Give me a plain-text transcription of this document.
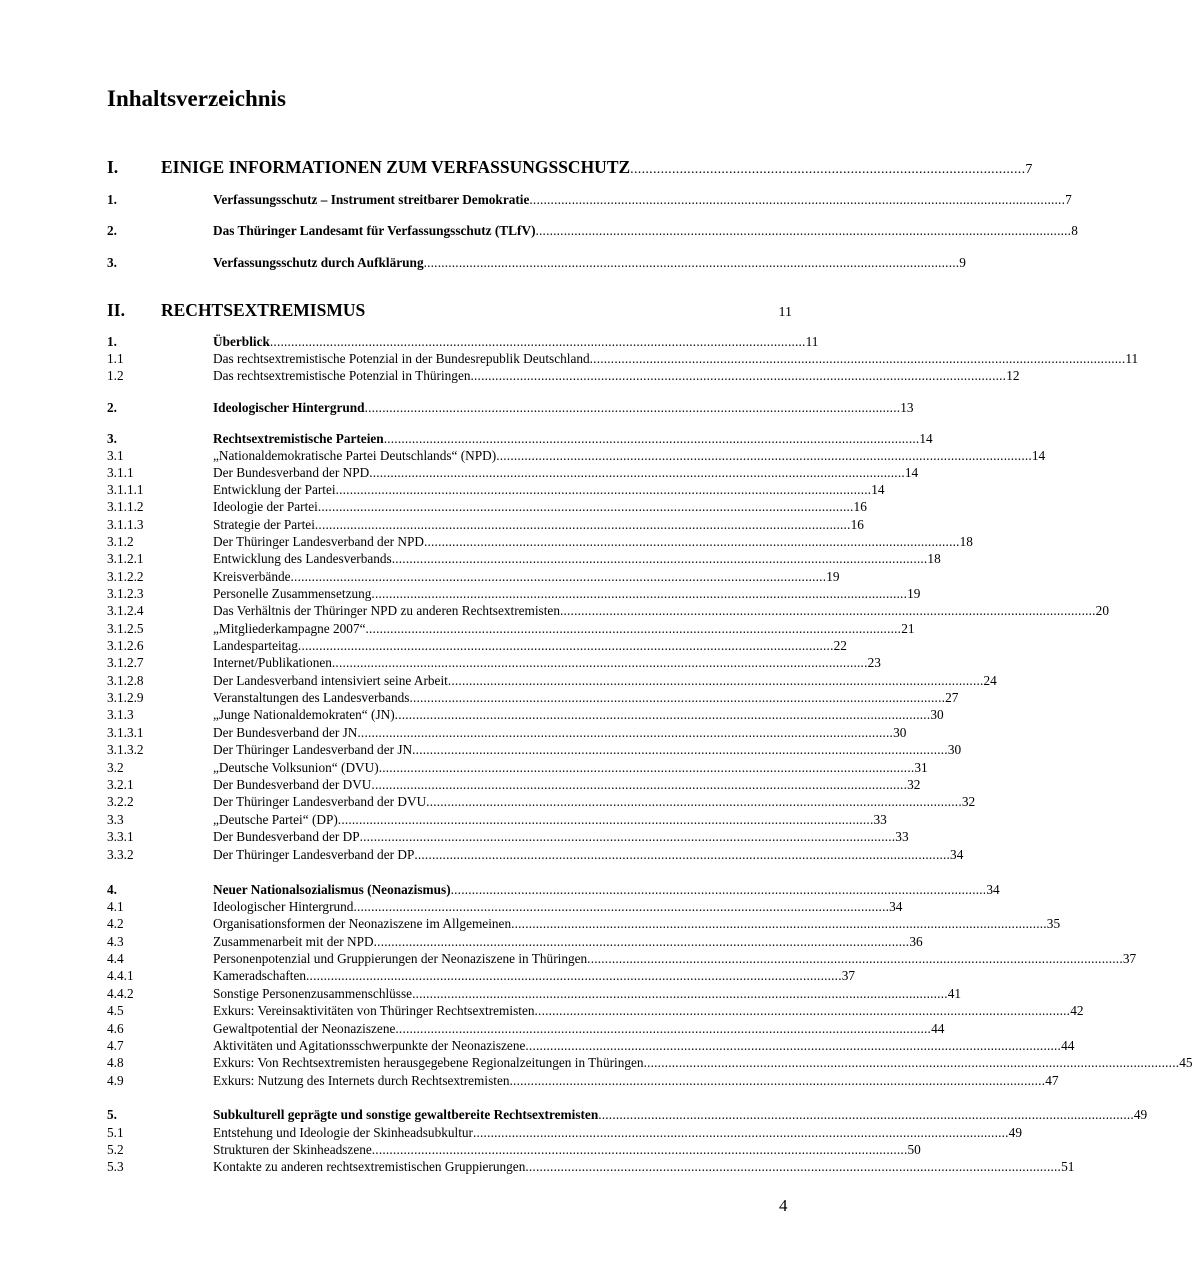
Inhaltsverzeichnis
I.	EINIGE INFORMATIONEN ZUM VERFASSUNGSSCHUTZ ........................................................................................................ 7
1.	Verfassungsschutz – Instrument streitbarer Demokratie ........................................................................................................................................................ 7
2.	Das Thüringer Landesamt für Verfassungsschutz (TLfV) ........................................................................................................................................................ 8
3.	Verfassungsschutz durch Aufklärung ........................................................................................................................................................ 9
II.	RECHTSEXTREMISMUS	11
1.	Überblick ........................................................................................................................................................ 11
1.1	Das rechtsextremistische Potenzial in der Bundesrepublik Deutschland ........................................................................................................................................................ 11
1.2	Das rechtsextremistische Potenzial in Thüringen ........................................................................................................................................................ 12
2.	Ideologischer Hintergrund ........................................................................................................................................................ 13
3.	Rechtsextremistische Parteien ........................................................................................................................................................ 14
3.1	„Nationaldemokratische Partei Deutschlands“ (NPD) ........................................................................................................................................................ 14
3.1.1	Der Bundesverband der NPD ........................................................................................................................................................ 14
3.1.1.1	Entwicklung der Partei ........................................................................................................................................................ 14
3.1.1.2	Ideologie der Partei ........................................................................................................................................................ 16
3.1.1.3	Strategie der Partei ........................................................................................................................................................ 16
3.1.2	Der Thüringer Landesverband der NPD ........................................................................................................................................................ 18
3.1.2.1	Entwicklung des Landesverbands ........................................................................................................................................................ 18
3.1.2.2	Kreisverbände ........................................................................................................................................................ 19
3.1.2.3	Personelle Zusammensetzung ........................................................................................................................................................ 19
3.1.2.4	Das Verhältnis der Thüringer NPD zu anderen Rechtsextremisten ........................................................................................................................................................ 20
3.1.2.5	„Mitgliederkampagne 2007“ ........................................................................................................................................................ 21
3.1.2.6	Landesparteitag ........................................................................................................................................................ 22
3.1.2.7	Internet/Publikationen ........................................................................................................................................................ 23
3.1.2.8	Der Landesverband intensiviert seine Arbeit ........................................................................................................................................................ 24
3.1.2.9	Veranstaltungen des Landesverbands ........................................................................................................................................................ 27
3.1.3	„Junge Nationaldemokraten“ (JN) ........................................................................................................................................................ 30
3.1.3.1	Der Bundesverband der JN ........................................................................................................................................................ 30
3.1.3.2	Der Thüringer Landesverband der JN ........................................................................................................................................................ 30
3.2	„Deutsche Volksunion“ (DVU) ........................................................................................................................................................ 31
3.2.1	Der Bundesverband der DVU ........................................................................................................................................................ 32
3.2.2	Der Thüringer Landesverband der DVU ........................................................................................................................................................ 32
3.3	„Deutsche Partei“ (DP) ........................................................................................................................................................ 33
3.3.1	Der Bundesverband der DP ........................................................................................................................................................ 33
3.3.2	Der Thüringer Landesverband der DP ........................................................................................................................................................ 34
4.	Neuer Nationalsozialismus (Neonazismus) ........................................................................................................................................................ 34
4.1	Ideologischer Hintergrund ........................................................................................................................................................ 34
4.2	Organisationsformen der Neonaziszene im Allgemeinen ........................................................................................................................................................ 35
4.3	Zusammenarbeit mit der NPD ........................................................................................................................................................ 36
4.4	Personenpotenzial und Gruppierungen der Neonaziszene in Thüringen ........................................................................................................................................................ 37
4.4.1	Kameradschaften ........................................................................................................................................................ 37
4.4.2	Sonstige Personenzusammenschlüsse ........................................................................................................................................................ 41
4.5	Exkurs: Vereinsaktivitäten von Thüringer Rechtsextremisten ........................................................................................................................................................ 42
4.6	Gewaltpotential der Neonaziszene ........................................................................................................................................................ 44
4.7	Aktivitäten und Agitationsschwerpunkte der Neonaziszene ........................................................................................................................................................ 44
4.8	Exkurs: Von Rechtsextremisten herausgegebene Regionalzeitungen in Thüringen ........................................................................................................................................................ 45
4.9	Exkurs: Nutzung des Internets durch Rechtsextremisten ........................................................................................................................................................ 47
5.	Subkulturell geprägte und sonstige gewaltbereite Rechtsextremisten ........................................................................................................................................................ 49
5.1	Entstehung und Ideologie der Skinheadsubkultur ........................................................................................................................................................ 49
5.2	Strukturen der Skinheadszene ........................................................................................................................................................ 50
5.3	Kontakte zu anderen rechtsextremistischen Gruppierungen ........................................................................................................................................................ 51
4
